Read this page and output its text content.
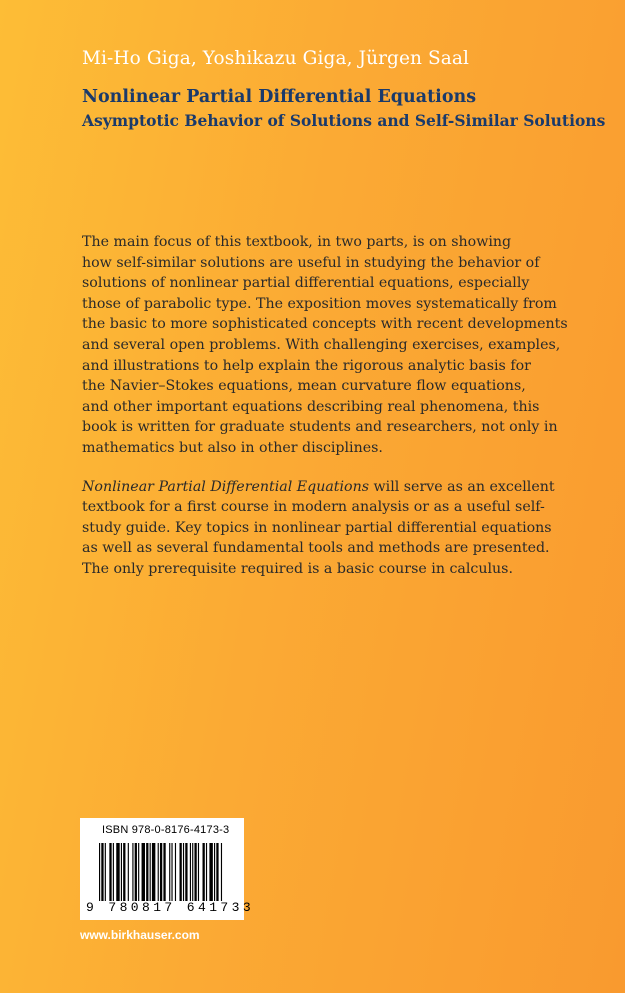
Mi-Ho Giga, Yoshikazu Giga, Jürgen Saal

Nonlinear Partial Differential Equations
Asymptotic Behavior of Solutions and Self-Similar Solutions
The main focus of this textbook, in two parts, is on showing
how self-similar solutions are useful in studying the behavior of
solutions of nonlinear partial differential equations, especially
those of parabolic type. The exposition moves systematically from
the basic to more sophisticated concepts with recent developments
and several open problems. With challenging exercises, examples,
and illustrations to help explain the rigorous analytic basis for
the Navier–Stokes equations, mean curvature flow equations,
and other important equations describing real phenomena, this
book is written for graduate students and researchers, not only in
mathematics but also in other disciplines.
Nonlinear Partial Differential Equations will serve as an excellent
textbook for a first course in modern analysis or as a useful self-
study guide. Key topics in nonlinear partial differential equations
as well as several fundamental tools and methods are presented.
The only prerequisite required is a basic course in calculus.
ISBN 978-0-8176-4173-3
9 780817 641733

www.birkhauser.com
